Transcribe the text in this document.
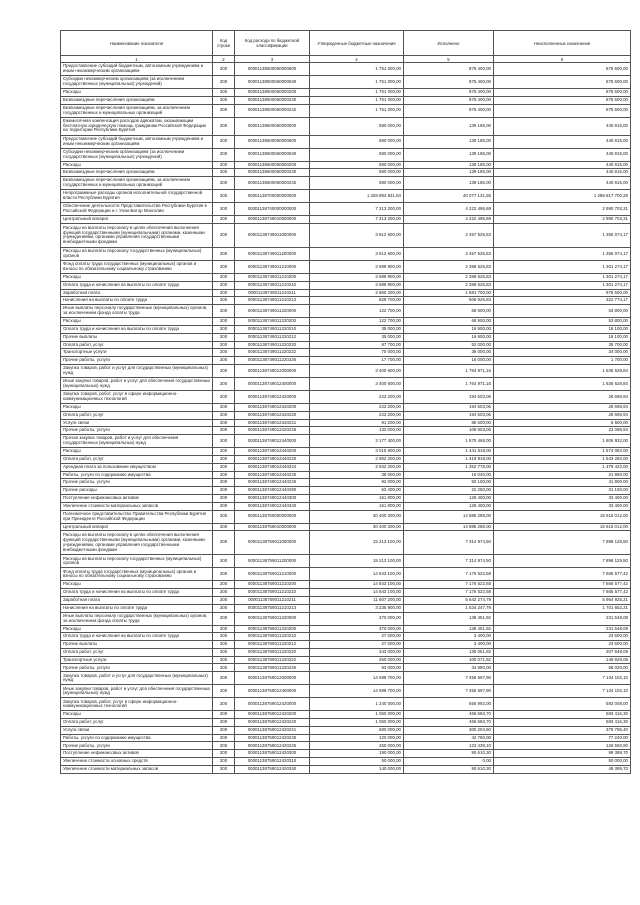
Наименование показателя	Код строки	Код расхода по бюджетной классификации	Утвержденные бюджетные назначения	Исполнено	Неисполненные назначения
1	2	3	4	5	6
Предоставление субсидий бюджетным, автономным учреждениям и иным некоммерческим организациям	200	00001138500060000600	1 751 000,00	875 400,00	875 600,00
Субсидии некоммерческим организациям (за исключением государственных (муниципальных) учреждений)	200	00001138500060000630	1 751 000,00	875 400,00	875 600,00
Расходы	200	00001138500060000200	1 751 000,00	875 400,00	875 600,00
Безвозмездные перечисления организациям	200	00001138500060000240	1 751 000,00	875 400,00	875 600,00
Безвозмездные перечисления организациям, за исключением государственных и муниципальных организаций	200	00001138500060000242	1 751 000,00	875 400,00	875 600,00
Ежемесячная компенсация расходов адвокатам, оказывающим бесплатную юридическую помощь гражданам Российской Федерации на территории Республики Бурятия	200	00001138600060000000	580 000,00	139 185,00	440 815,00
Предоставление субсидий бюджетным, автономным учреждениям и иным некоммерческим организациям	200	00001138600060000600	580 000,00	139 185,00	440 815,00
Субсидии некоммерческим организациям (за исключением государственных (муниципальных) учреждений)	200	00001138600060000630	580 000,00	139 185,00	440 815,00
Расходы	200	00001138600060000200	580 000,00	139 185,00	440 815,00
Безвозмездные перечисления организациям	200	00001138600060000240	580 000,00	139 185,00	440 815,00
Безвозмездные перечисления организациям, за исключением государственных и муниципальных организаций	200	00001138600060000242	580 000,00	139 185,00	440 815,00
Непрограммные расходы органов исполнительной государственной власти Республики Бурятия	200	00001138700000000000	1 328 894 831,84	40 077 131,55	1 288 817 700,29
Обеспечение деятельности Представительства Республики Бурятия в Российской Федерации и г. Улан-Батор Монголии	200	00001138740000000000	7 213 200,00	4 222 496,69	2 990 703,31
Центральный аппарат	200	00001138749010000000	7 213 200,00	4 222 496,69	2 990 703,31
Расходы на выплаты персоналу в целях обеспечения выполнения функций государственными (муниципальными) органами, казенными учреждениями, органами управления государственными внебюджетными фондами	200	00001138749011000000	3 812 600,00	2 457 525,53	1 355 074,17
Расходы на выплаты персоналу государственных (муниципальных) органов	200	00001138749011200000	3 812 600,00	2 457 525,53	1 355 074,17
Фонд оплаты труда государственных (муниципальных) органов и взносы по обязательному социальному страхованию	200	00001138749011210000	3 689 900,00	2 388 625,83	1 301 274,17
Расходы	200	00001138749011210200	3 689 900,00	2 388 625,83	1 301 274,17
Оплата труда и начисления на выплаты по оплате труда	200	00001138749011210210	3 689 900,00	2 388 625,83	1 301 274,17
Заработная плата	200	00001138749011210211	2 860 200,00	1 881 700,00	978 500,00
Начисления на выплаты по оплате труда	200	00001138749011210213	829 700,00	506 925,83	322 774,17
Иные выплаты персоналу государственных (муниципальных) органов, за исключением фонда оплаты труда	200	00001138749011220000	122 700,00	68 900,00	53 800,00
Расходы	200	00001138749011220200	122 700,00	68 900,00	53 800,00
Оплата труда и начисления на выплаты по оплате труда	200	00001138749011220210	35 000,00	16 900,00	18 100,00
Прочие выплаты	200	00001138749011220212	35 000,00	16 900,00	18 100,00
Оплата работ, услуг	200	00001138749011220220	87 700,00	52 000,00	35 700,00
Транспортные услуги	200	00001138749011220222	70 000,00	36 000,00	34 000,00
Прочие работы, услуги	200	00001138749011220226	17 700,00	16 000,00	1 700,00
Закупка товаров, работ и услуг для государственных (муниципальных) нужд	200	00001138749012000000	3 400 600,00	1 764 971,16	1 635 628,84
Иные закупки товаров, работ и услуг для обеспечения государственных (муниципальных) нужд	200	00001138749012400000	3 400 600,00	1 764 971,16	1 635 628,84
Закупка товаров, работ, услуг в сфере информационно-коммуникационных технологий	200	00001138749012420000	223 200,00	194 503,06	28 696,94
Расходы	200	00001138749012420200	223 200,00	194 503,06	28 696,94
Оплата работ, услуг	200	00001138749012420220	223 200,00	194 503,06	28 696,94
Услуги связи	200	00001138749012420221	91 200,00	85 600,00	5 600,00
Прочие работы, услуги	200	00001138749012420226	132 000,00	108 903,06	23 096,94
Прочая закупка товаров, работ и услуг для обеспечения государственных (муниципальных) нужд	200	00001138749012440000	3 177 400,00	1 570 468,00	1 606 932,00
Расходы	200	00001138749012440200	3 015 600,00	1 441 518,00	1 574 082,00
Оплата работ, услуг	200	00001138749012440220	2 962 200,00	1 418 918,00	1 543 282,00
Арендная плата за пользование имуществом	200	00001138749012440224	2 832 200,00	1 352 778,00	1 479 422,00
Работы, услуги по содержанию имущества	200	00001138749012440225	38 000,00	16 040,00	21 960,00
Прочие работы, услуги	200	00001138749012440226	92 000,00	50 100,00	41 900,00
Прочие расходы	200	00001138749012440290	53 400,00	22 250,00	31 150,00
Поступление нефинансовых активов	200	00001138749012440300	161 800,00	128 400,00	33 400,00
Увеличение стоимости материальных запасов	200	00001138749012440340	161 800,00	128 400,00	33 400,00
Полномочное представительство Правительства Республики Бурятия при Президенте Российской Федерации	200	00001138750000000000	30 400 300,00	14 885 288,00	15 515 012,00
Центральный аппарат	200	00001138759010000000	30 400 300,00	14 885 288,00	15 515 012,00
Расходы на выплаты персоналу в целях обеспечения выполнения функций государственными (муниципальными) органами, казенными учреждениями, органами управления государственными внебюджетными фондами	200	00001138759011000000	15 213 100,00	7 314 974,50	7 898 125,50
Расходы на выплаты персоналу государственных (муниципальных) органов	200	00001138759011200000	15 213 100,00	7 314 974,50	7 898 125,50
Фонд оплаты труда государственных (муниципальных) органов и взносы по обязательному социальному страхованию	200	00001138759011210000	14 843 100,00	7 176 522,58	7 666 577,42
Расходы	200	00001138759011210200	14 843 100,00	7 176 522,58	7 666 577,42
Оплата труда и начисления на выплаты по оплате труда	200	00001138759011210210	14 843 100,00	7 176 522,58	7 666 577,42
Заработная плата	200	00001138759011210211	11 607 200,00	5 642 274,79	5 964 925,21
Начисления на выплаты по оплате труда	200	00001138759011210213	3 235 900,00	1 534 247,79	1 701 652,21
Иные выплаты персоналу государственных (муниципальных) органов, за исключением фонда оплаты труда	200	00001138759011220000	370 000,00	138 451,92	231 548,08
Расходы	200	00001138759011220200	370 000,00	138 451,92	231 548,08
Оплата труда и начисления на выплаты по оплате труда	200	00001138759011220210	27 000,00	3 400,00	23 600,00
Прочие выплаты	200	00001138759011220212	27 000,00	3 400,00	23 600,00
Оплата работ, услуг	200	00001138759011220220	343 000,00	135 051,92	207 948,08
Транспортные услуги	200	00001138759011220222	250 000,00	100 071,92	149 928,08
Прочие работы, услуги	200	00001138759011220226	93 000,00	34 980,00	58 020,00
Закупка товаров, работ и услуг для государственных (муниципальных) нужд	200	00001138759012000000	14 589 700,00	7 455 597,90	7 134 102,10
Иные закупки товаров, работ и услуг для обеспечения государственных (муниципальных) нужд	200	00001138759012400000	14 589 700,00	7 455 597,90	7 134 102,10
Закупка товаров, работ, услуг в сфере информационно-коммуникационных технологий	200	00001138759012420000	1 240 000,00	656 992,00	583 008,00
Расходы	200	00001138759012420200	1 050 000,00	466 583,70	583 416,30
Оплата работ, услуг	200	00001138759012420220	1 050 000,00	466 583,70	583 416,30
Услуги связи	200	00001138759012420221	680 000,00	300 204,60	379 795,40
Работы, услуги по содержанию имущества	200	00001138759012420225	120 000,00	42 760,00	77 240,00
Прочие работы, услуги	200	00001138759012420226	250 000,00	123 439,10	126 560,90
Поступление нефинансовых активов	200	00001138759012420300	190 000,00	90 610,30	99 389,70
Увеличение стоимости основных средств	200	00001138759012420310	50 000,00	0,00	50 000,00
Увеличение стоимости материальных запасов	200	00001138759012420340	140 000,00	90 610,30	49 389,70
